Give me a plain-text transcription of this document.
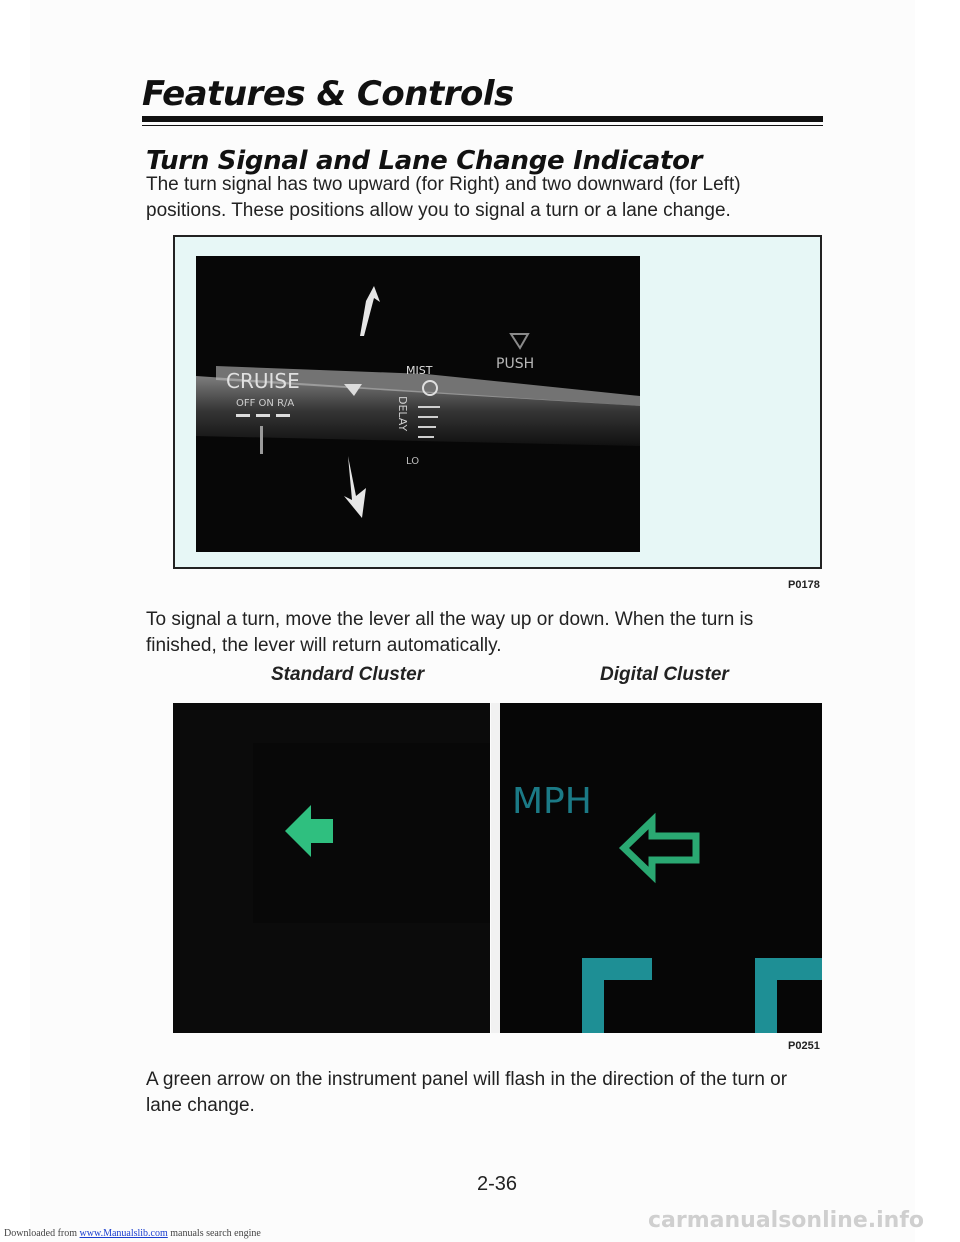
Features & Controls
Turn Signal and Lane Change Indicator
The turn signal has two upward (for Right) and two downward (for Left) positions. These positions allow you to signal a turn or a lane change.
CRUISE
OFF ON R/A
MIST	PUSH
DELAY
LO
P0178
To signal a turn, move the lever all the way up or down. When the turn is finished, the lever will return automatically.
Standard Cluster	Digital Cluster
MPH
P0251
A green arrow on the instrument panel will flash in the direction of the turn or lane change.
2-36
Downloaded from www.Manualslib.com manuals search engine
carmanualsonline.info
